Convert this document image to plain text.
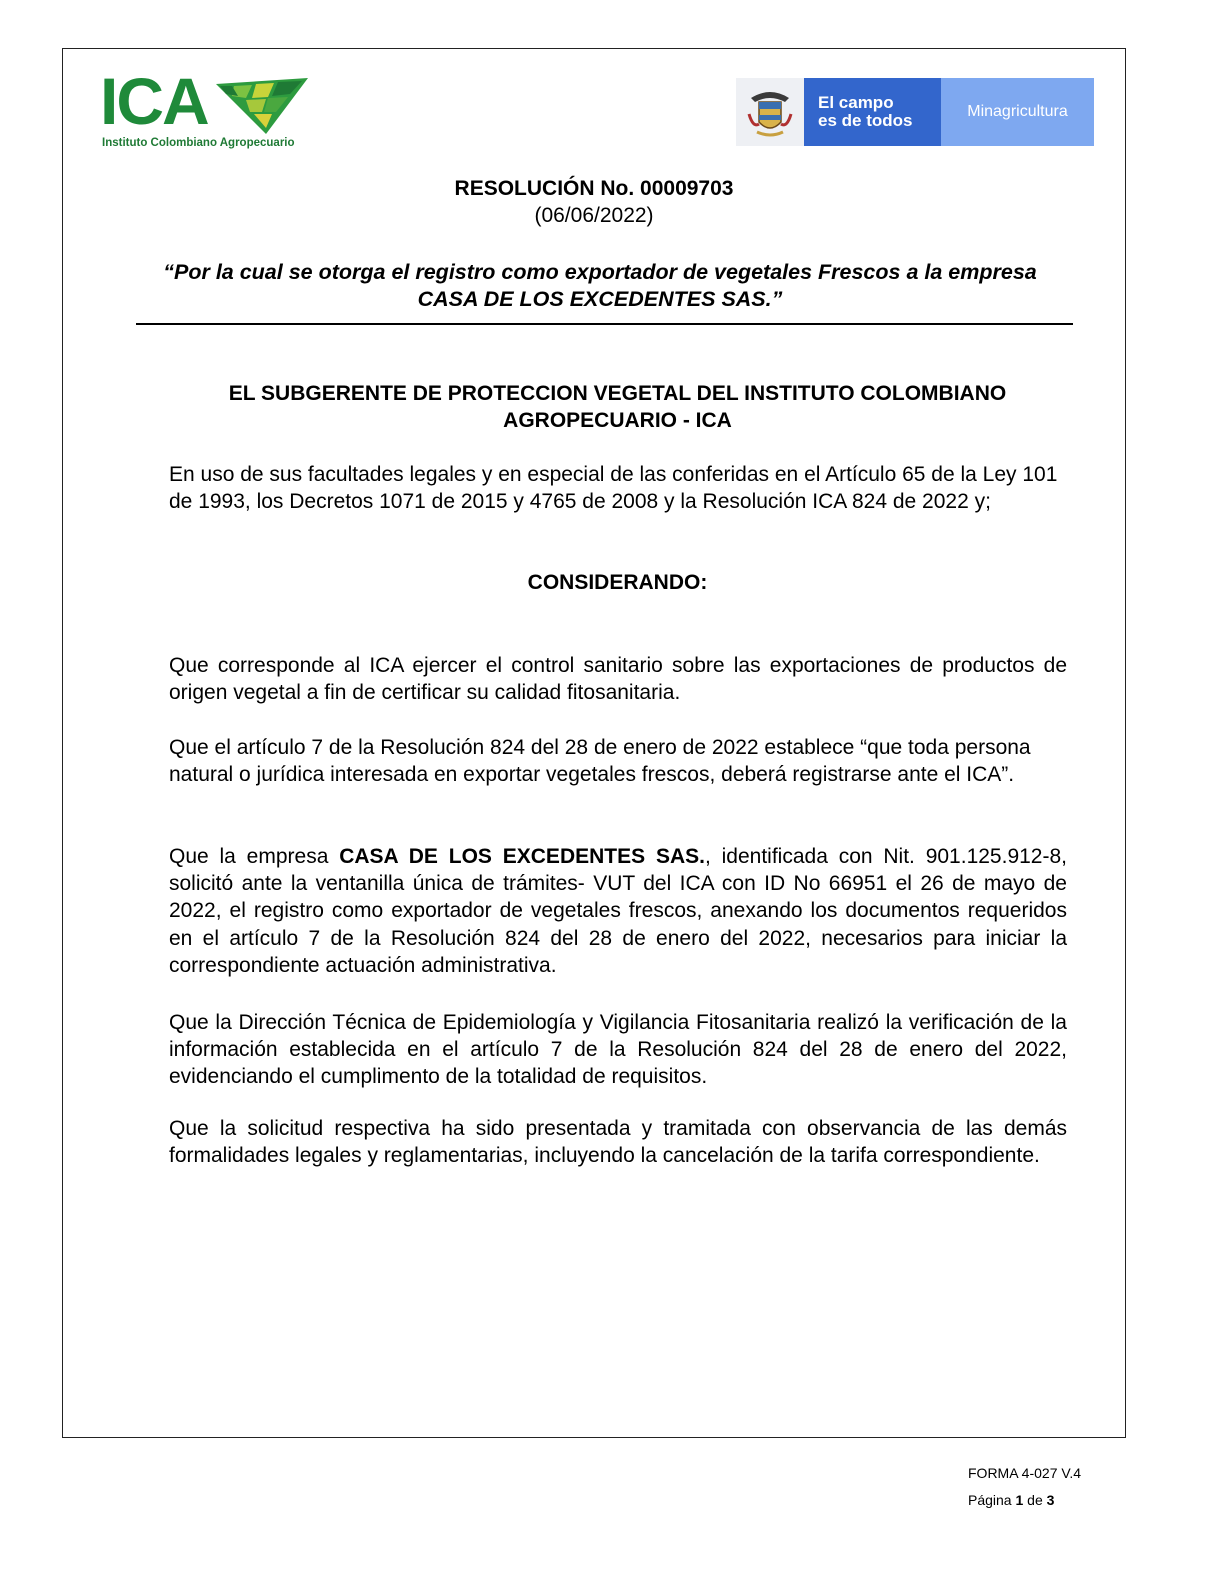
ICA
Instituto Colombiano Agropecuario
El campo
es de todos	Minagricultura
RESOLUCIÓN No. 00009703
(06/06/2022)
“Por la cual se otorga el registro como exportador de vegetales Frescos a la empresa CASA DE LOS EXCEDENTES SAS.”
EL SUBGERENTE DE PROTECCION VEGETAL DEL INSTITUTO COLOMBIANO AGROPECUARIO - ICA
En uso de sus facultades legales y en especial de las conferidas en el Artículo 65 de la Ley 101 de 1993, los Decretos 1071 de 2015 y 4765 de 2008 y la Resolución ICA 824 de 2022 y;
CONSIDERANDO:
Que corresponde al ICA ejercer el control sanitario sobre las exportaciones de productos de origen vegetal a fin de certificar su calidad fitosanitaria.
Que el artículo 7 de la Resolución 824 del 28 de enero de 2022 establece “que toda persona natural o jurídica interesada en exportar vegetales frescos, deberá registrarse ante el ICA”.
Que la empresa CASA DE LOS EXCEDENTES SAS., identificada con Nit. 901.125.912-8, solicitó ante la ventanilla única de trámites- VUT del ICA con ID No 66951 el 26 de mayo de 2022, el registro como exportador de vegetales frescos, anexando los documentos requeridos en el artículo 7 de la Resolución 824 del 28 de enero del 2022, necesarios para iniciar la correspondiente actuación administrativa.
Que la Dirección Técnica de Epidemiología y Vigilancia Fitosanitaria realizó la verificación de la información establecida en el artículo 7 de la Resolución 824 del 28 de enero del 2022, evidenciando el cumplimento de la totalidad de requisitos.
Que la solicitud respectiva ha sido presentada y tramitada con observancia de las demás formalidades legales y reglamentarias, incluyendo la cancelación de la tarifa correspondiente.
FORMA 4-027 V.4
Página 1 de 3
